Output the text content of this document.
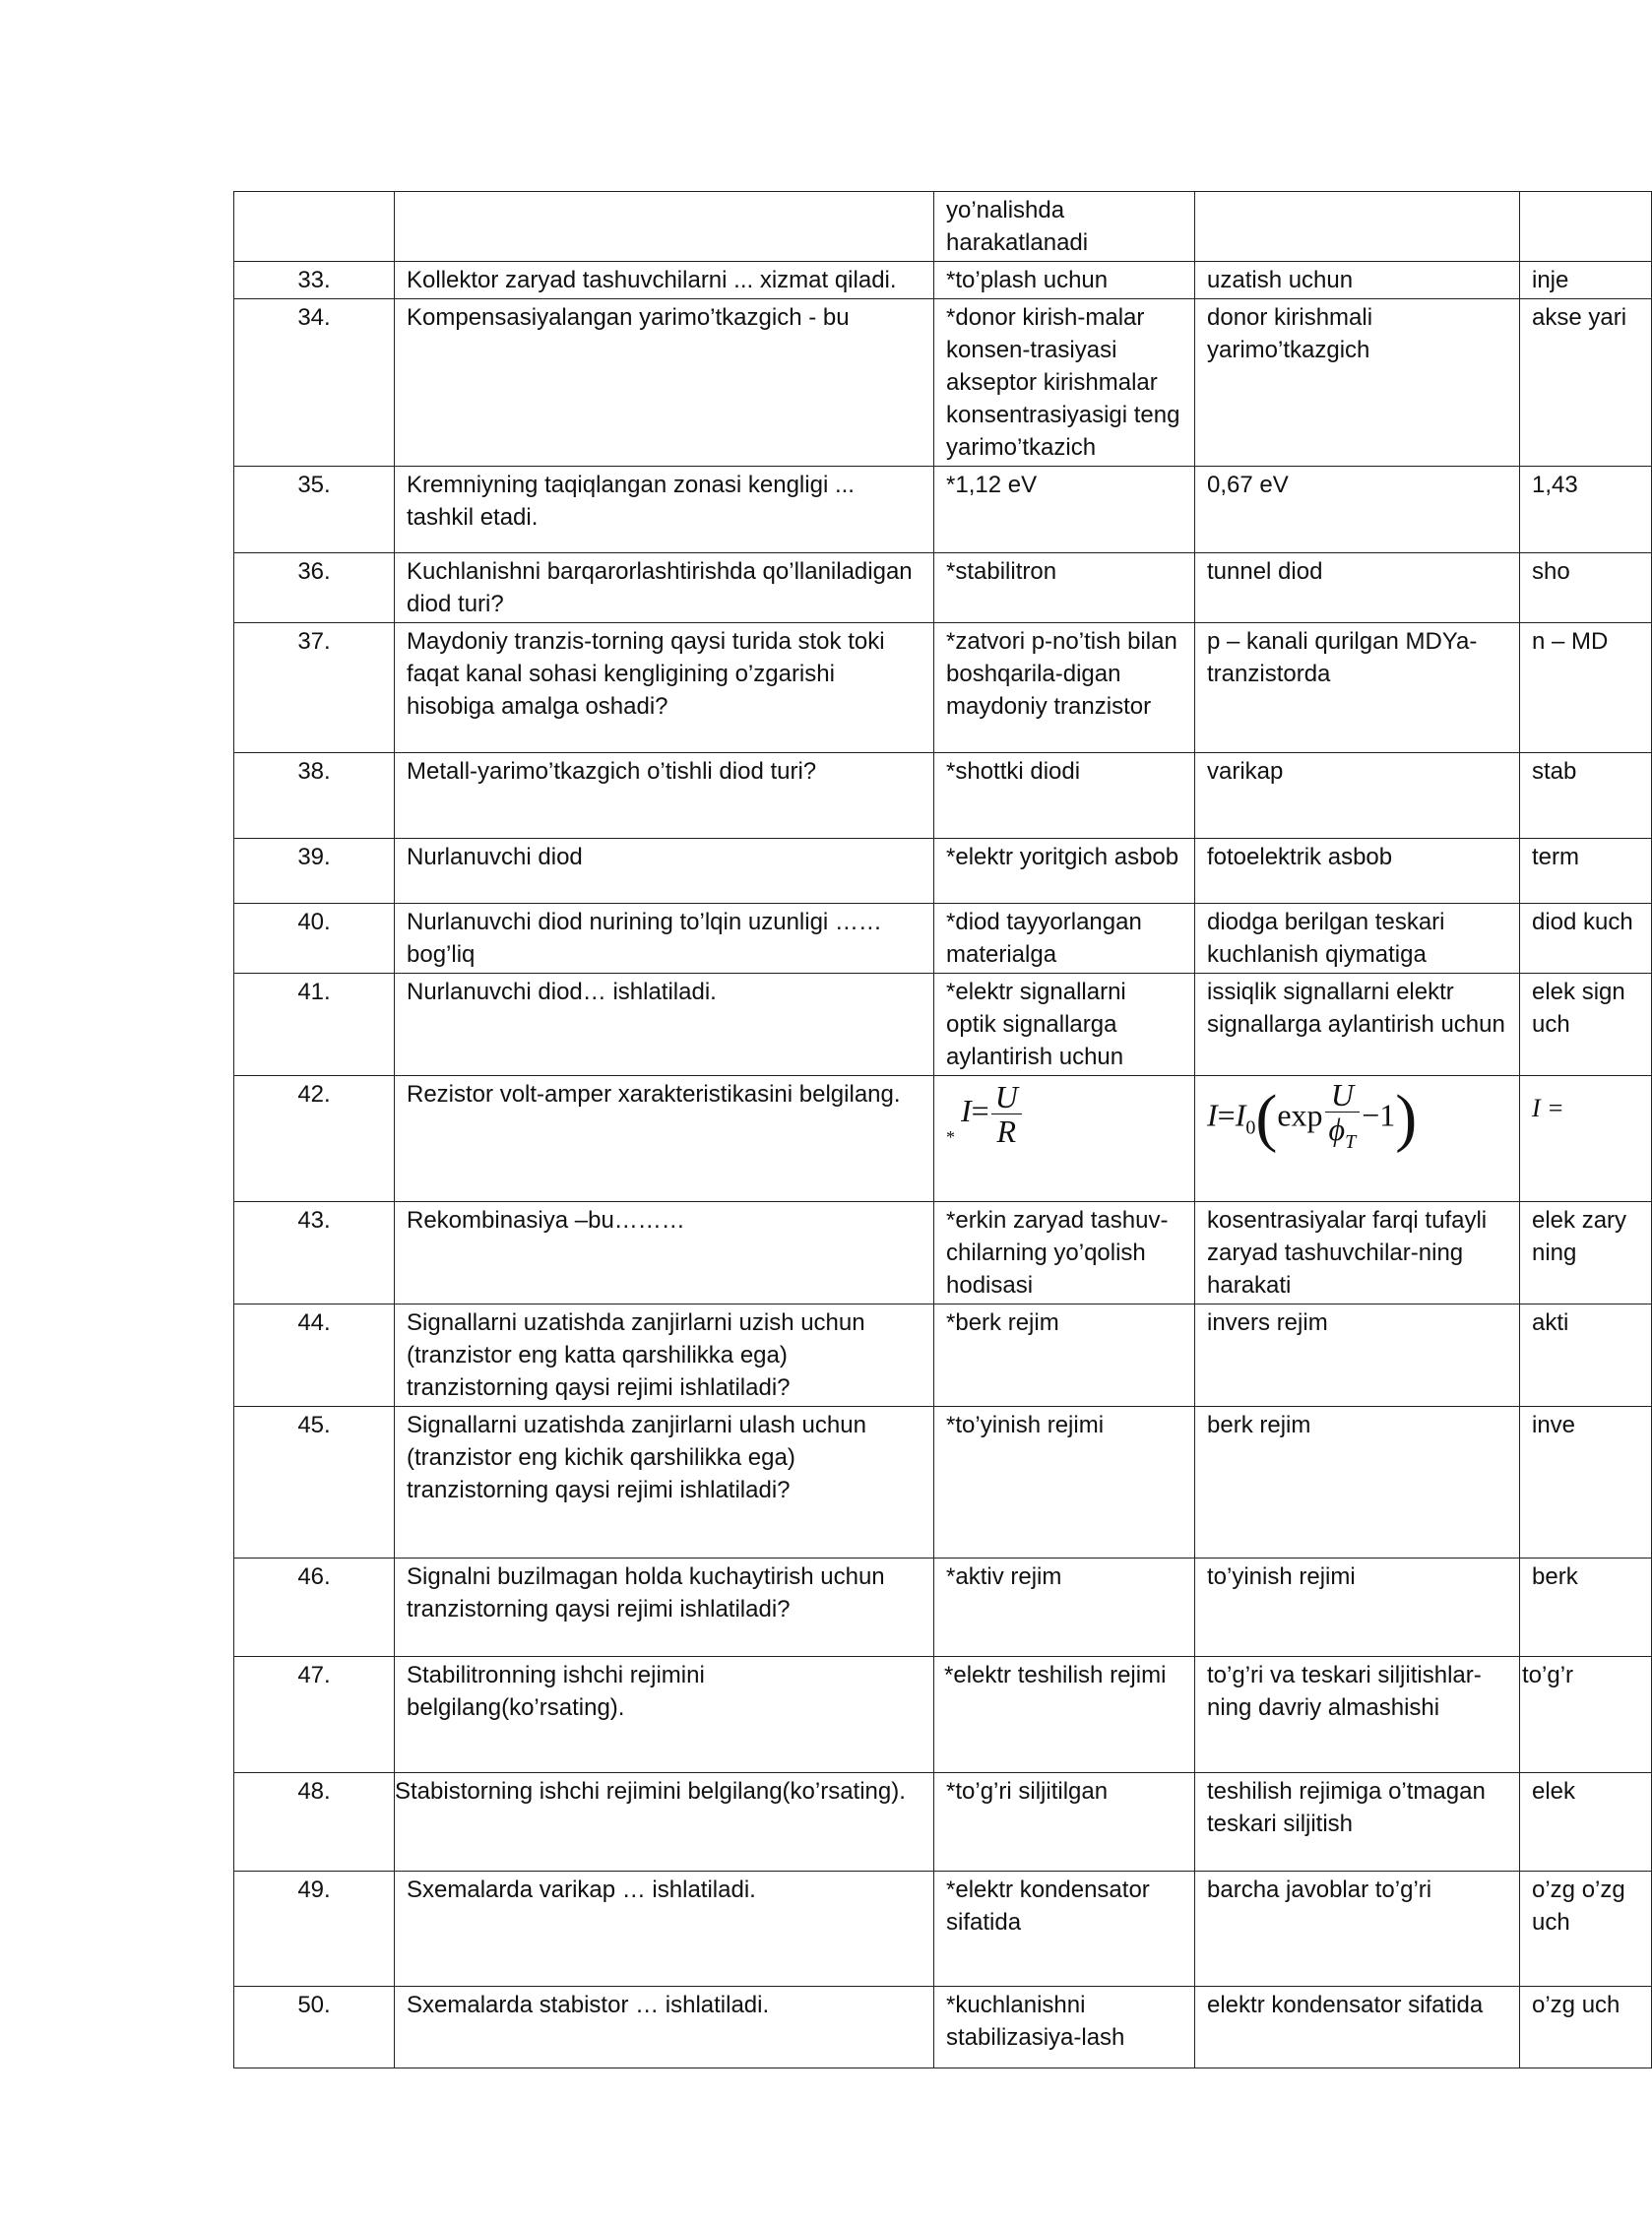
		yo’nalishda harakatlanadi		
33.	Kollektor zaryad tashuvchilarni ... xizmat qiladi.	*to’plash uchun	uzatish uchun	inje
34.	Kompensasiyalangan yarimo’tkazgich - bu	*donor kirish-malar konsen-trasiyasi akseptor kirishmalar konsentrasiyasigi teng yarimo’tkazich	donor kirishmali yarimo’tkazgich	akse yari
35.	Kremniyning taqiqlangan zonasi kengligi ... tashkil etadi.	*1,12 eV	0,67 eV	1,43
36.	Kuchlanishni barqarorlashtirishda qo’llaniladigan diod turi?	*stabilitron	tunnel diod	sho
37.	Maydoniy tranzis-torning qaysi turida stok toki faqat kanal sohasi kengligining o’zgarishi hisobiga amalga oshadi?	*zatvori p-no’tish bilan boshqarila-digan maydoniy tranzistor	p – kanali qurilgan MDYa-tranzistorda	n – MD
38.	Metall-yarimo’tkazgich o’tishli diod turi?	*shottki diodi	varikap	stab
39.	Nurlanuvchi diod	*elektr yoritgich asbob	fotoelektrik asbob	term
40.	Nurlanuvchi diod nurining to’lqin uzunligi …… bog’liq	*diod tayyorlangan materialga	diodga berilgan teskari kuchlanish qiymatiga	diod kuch
41.	Nurlanuvchi diod… ishlatiladi.	*elektr signallarni optik signallarga aylantirish uchun	issiqlik signallarni elektr signallarga aylantirish uchun	elek sign uch
42.	Rezistor volt-amper xarakteristikasini belgilang.	$_*I= \frac{U}{R}$	$I=I_0(\exp \frac{U}{\phi_T} -1)$	I =
43.	Rekombinasiya –bu………	*erkin zaryad tashuv-chilarning yo’qolish hodisasi	kosentrasiyalar farqi tufayli zaryad tashuvchilar-ning harakati	elek zary ning
44.	Signallarni uzatishda zanjirlarni uzish uchun (tranzistor eng katta qarshilikka ega) tranzistorning qaysi rejimi ishlatiladi?	*berk rejim	invers rejim	akti
45.	Signallarni uzatishda zanjirlarni ulash uchun (tranzistor eng kichik qarshilikka ega) tranzistorning qaysi rejimi ishlatiladi?	*to’yinish rejimi	berk rejim	inve
46.	Signalni buzilmagan holda kuchaytirish uchun tranzistorning qaysi rejimi ishlatiladi?	*aktiv rejim	to’yinish rejimi	berk
47.	Stabilitronning ishchi rejimini belgilang(ko’rsating).	*elektr teshilish rejimi	to’g’ri va teskari siljitishlar-ning davriy almashishi	to’g’r
48.	Stabistorning ishchi rejimini belgilang(ko’rsating).	*to’g’ri siljitilgan	teshilish rejimiga o’tmagan teskari siljitish	elek
49.	Sxemalarda varikap … ishlatiladi.	*elektr kondensator sifatida	barcha javoblar to’g’ri	o’zg o’zg uch
50.	Sxemalarda stabistor … ishlatiladi.	*kuchlanishni stabilizasiya-lash	elektr kondensator sifatida	o’zg uch
